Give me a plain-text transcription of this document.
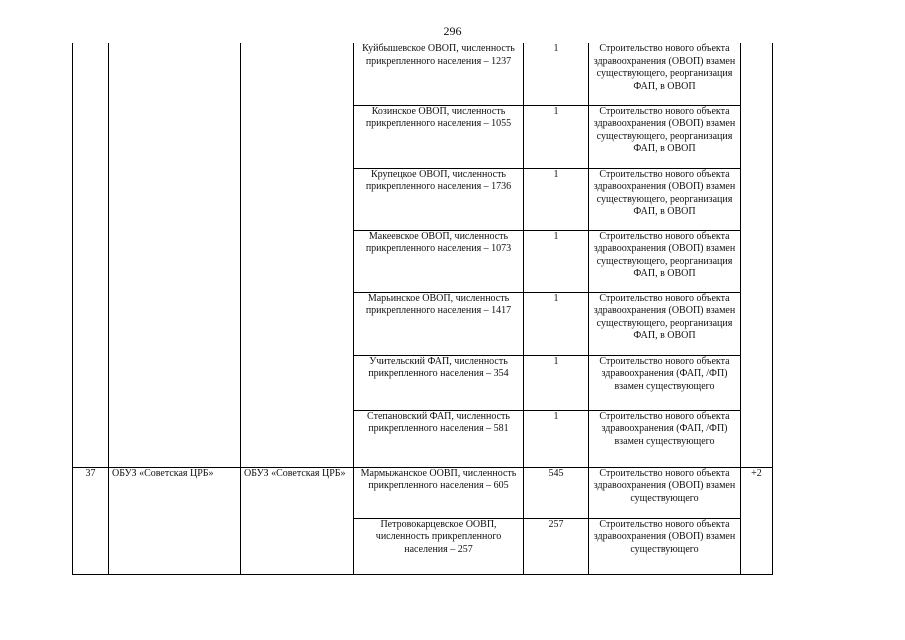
296

			Куйбышевское ОВОП, численность прикрепленного населения – 1237	1	Строительство нового объекта здравоохранения (ОВОП) взамен существующего, реорганизация ФАП, в ОВОП		

			Козинское ОВОП, численность прикрепленного населения – 1055	1	Строительство нового объекта здравоохранения (ОВОП) взамен существующего, реорганизация ФАП, в ОВОП		

			Крупецкое ОВОП, численность прикрепленного населения – 1736	1	Строительство нового объекта здравоохранения (ОВОП) взамен существующего, реорганизация ФАП, в ОВОП		

			Макеевское ОВОП, численность прикрепленного населения – 1073	1	Строительство нового объекта здравоохранения (ОВОП) взамен существующего, реорганизация ФАП, в ОВОП		

			Марьинское ОВОП, численность прикрепленного населения – 1417	1	Строительство нового объекта здравоохранения (ОВОП) взамен существующего, реорганизация ФАП, в ОВОП		

			Учительский ФАП, численность прикрепленного населения – 354	1	Строительство нового объекта здравоохранения (ФАП, /ФП) взамен существующего		

			Степановский ФАП, численность прикрепленного населения – 581	1	Строительство нового объекта здравоохранения (ФАП, /ФП) взамен существующего		

37	ОБУЗ «Советская ЦРБ»	ОБУЗ «Советская ЦРБ»	Мармыжанское ООВП, численность прикрепленного населения – 605	545	Строительство нового объекта здравоохранения (ОВОП) взамен существующего	+2

			Петровокарцевское ООВП, численность прикрепленного населения – 257	257	Строительство нового объекта здравоохранения (ОВОП) взамен существующего		
